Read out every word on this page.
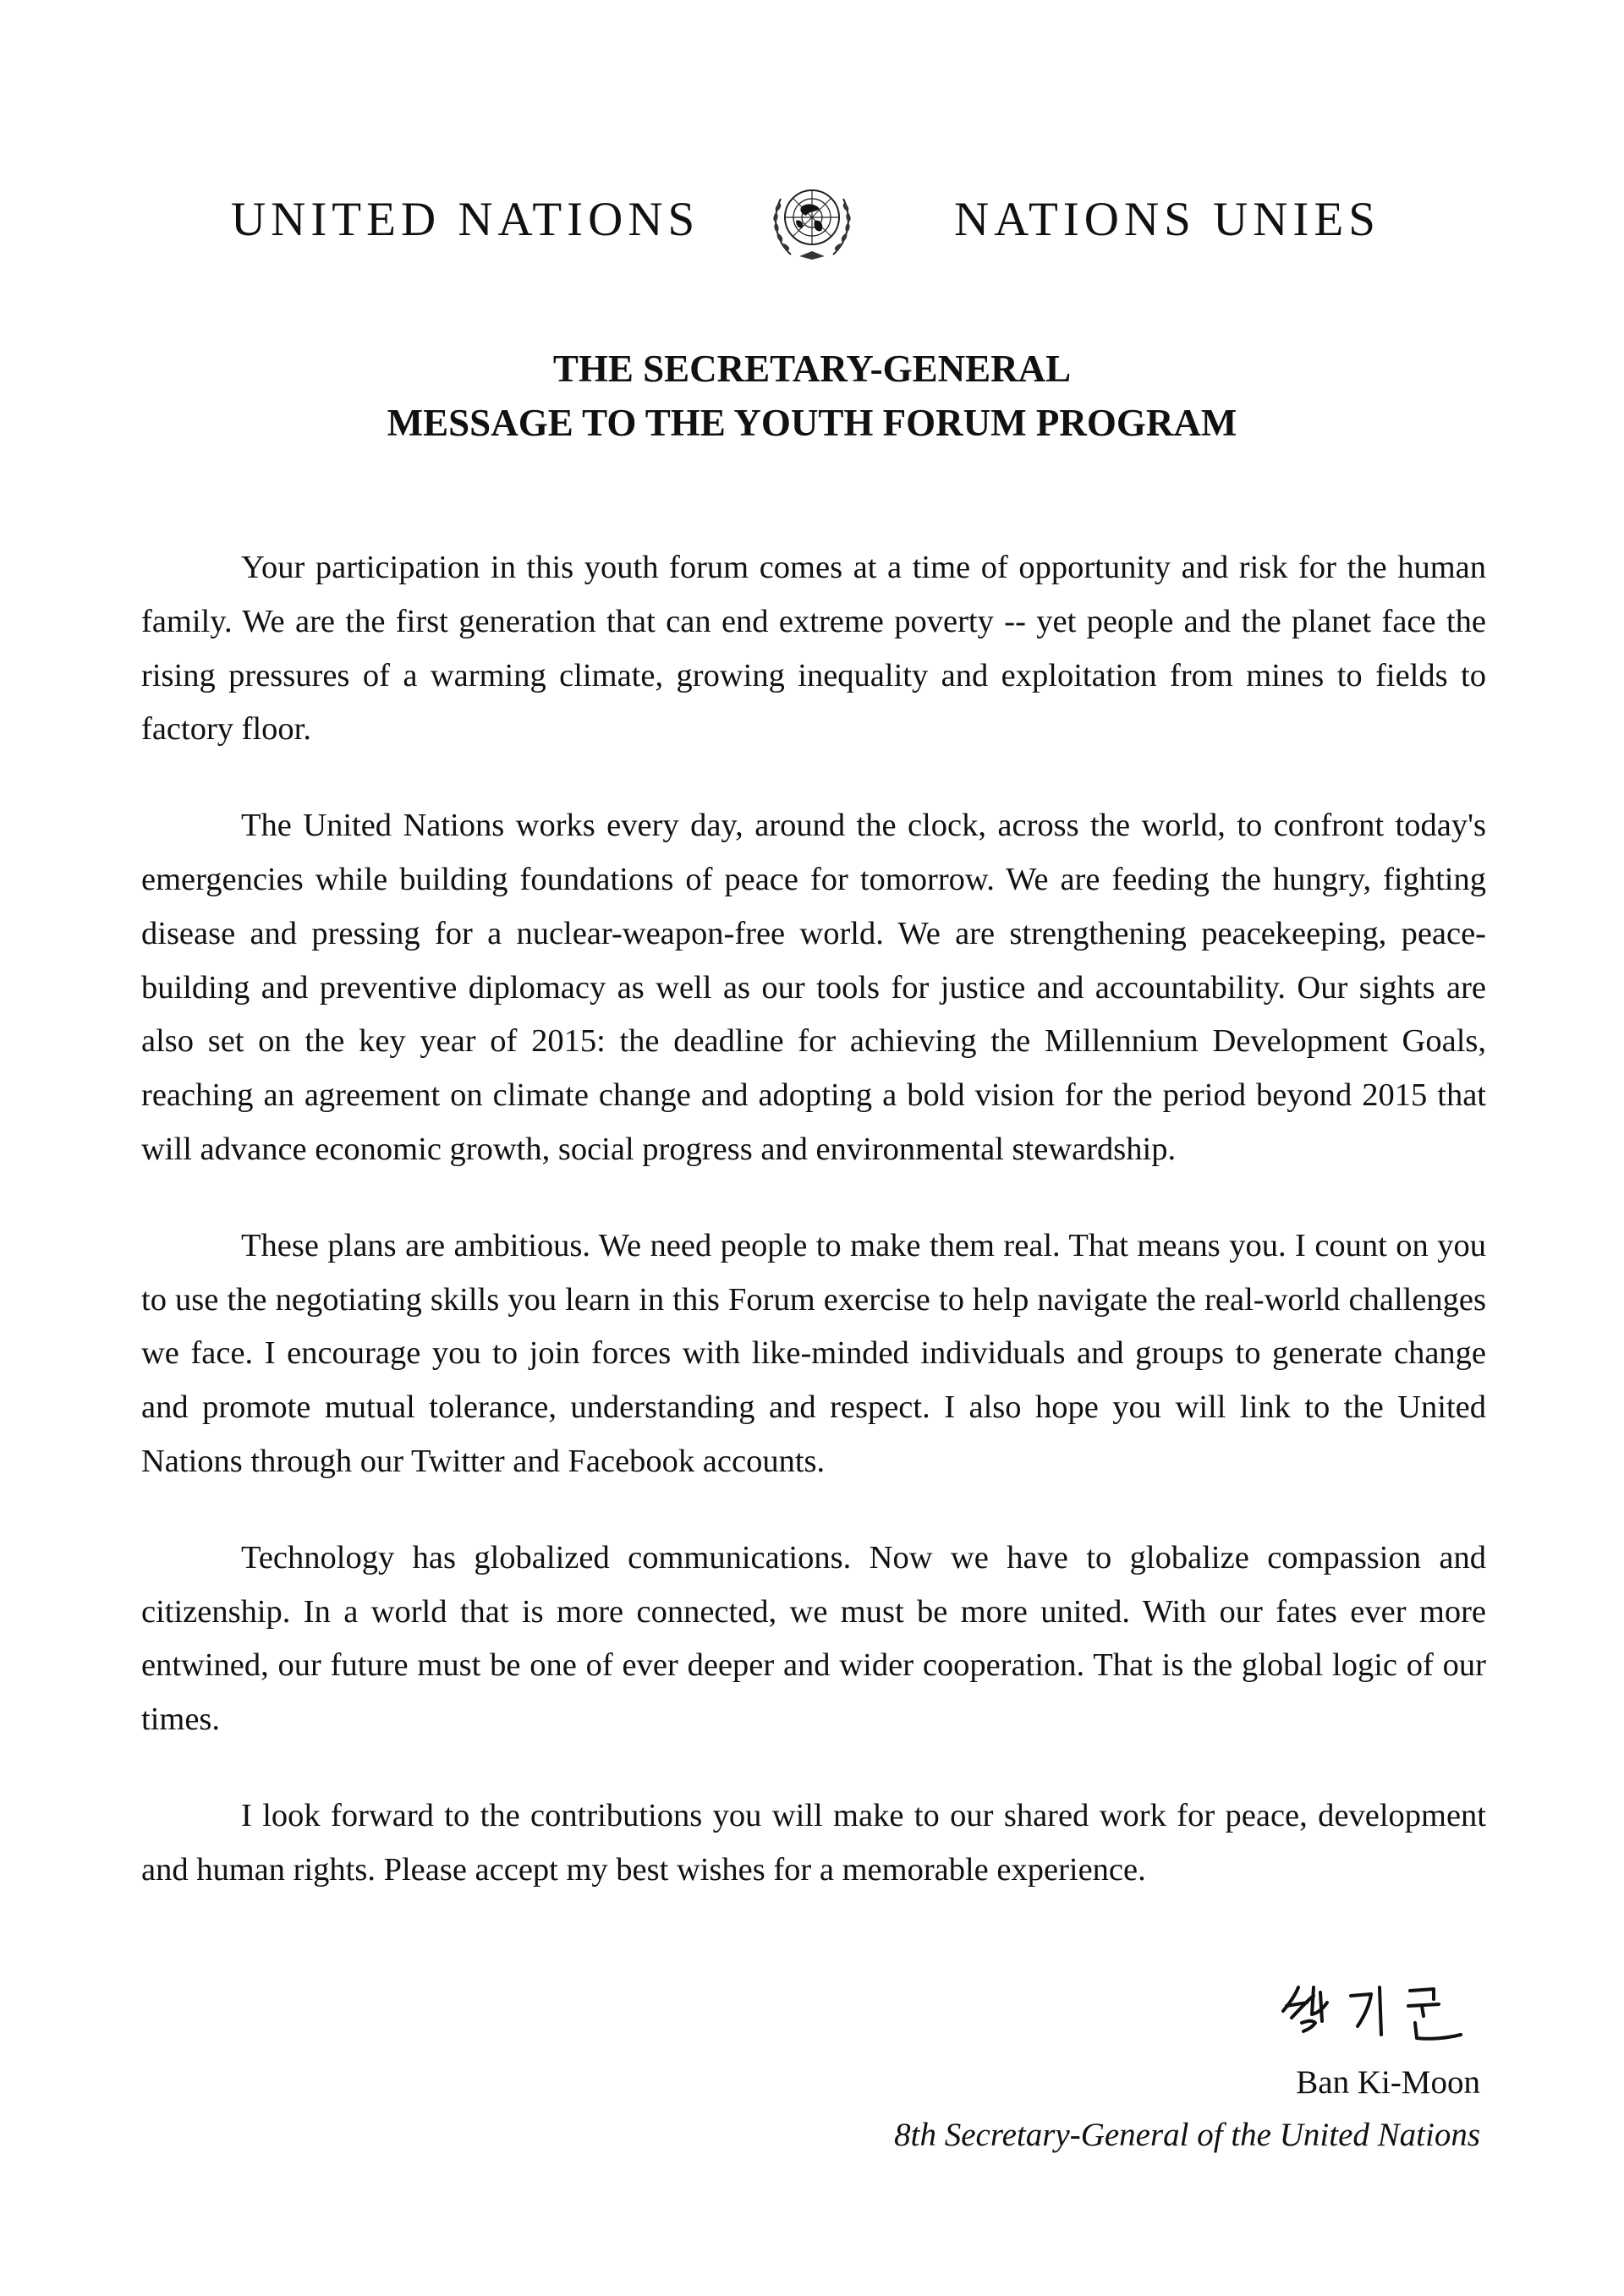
UNITED NATIONS	NATIONS UNIES
THE SECRETARY-GENERAL
MESSAGE TO THE YOUTH FORUM PROGRAM

Your participation in this youth forum comes at a time of opportunity and risk for the human family. We are the first generation that can end extreme poverty -- yet people and the planet face the rising pressures of a warming climate, growing inequality and exploitation from mines to fields to factory floor.

The United Nations works every day, around the clock, across the world, to confront today's emergencies while building foundations of peace for tomorrow. We are feeding the hungry, fighting disease and pressing for a nuclear-weapon-free world. We are strengthening peacekeeping, peace-building and preventive diplomacy as well as our tools for justice and accountability. Our sights are also set on the key year of 2015: the deadline for achieving the Millennium Development Goals, reaching an agreement on climate change and adopting a bold vision for the period beyond 2015 that will advance economic growth, social progress and environmental stewardship.

These plans are ambitious. We need people to make them real. That means you. I count on you to use the negotiating skills you learn in this Forum exercise to help navigate the real-world challenges we face. I encourage you to join forces with like-minded individuals and groups to generate change and promote mutual tolerance, understanding and respect. I also hope you will link to the United Nations through our Twitter and Facebook accounts.

Technology has globalized communications. Now we have to globalize compassion and citizenship. In a world that is more connected, we must be more united. With our fates ever more entwined, our future must be one of ever deeper and wider cooperation. That is the global logic of our times.

I look forward to the contributions you will make to our shared work for peace, development and human rights. Please accept my best wishes for a memorable experience.

Ban Ki-Moon
8th Secretary-General of the United Nations
